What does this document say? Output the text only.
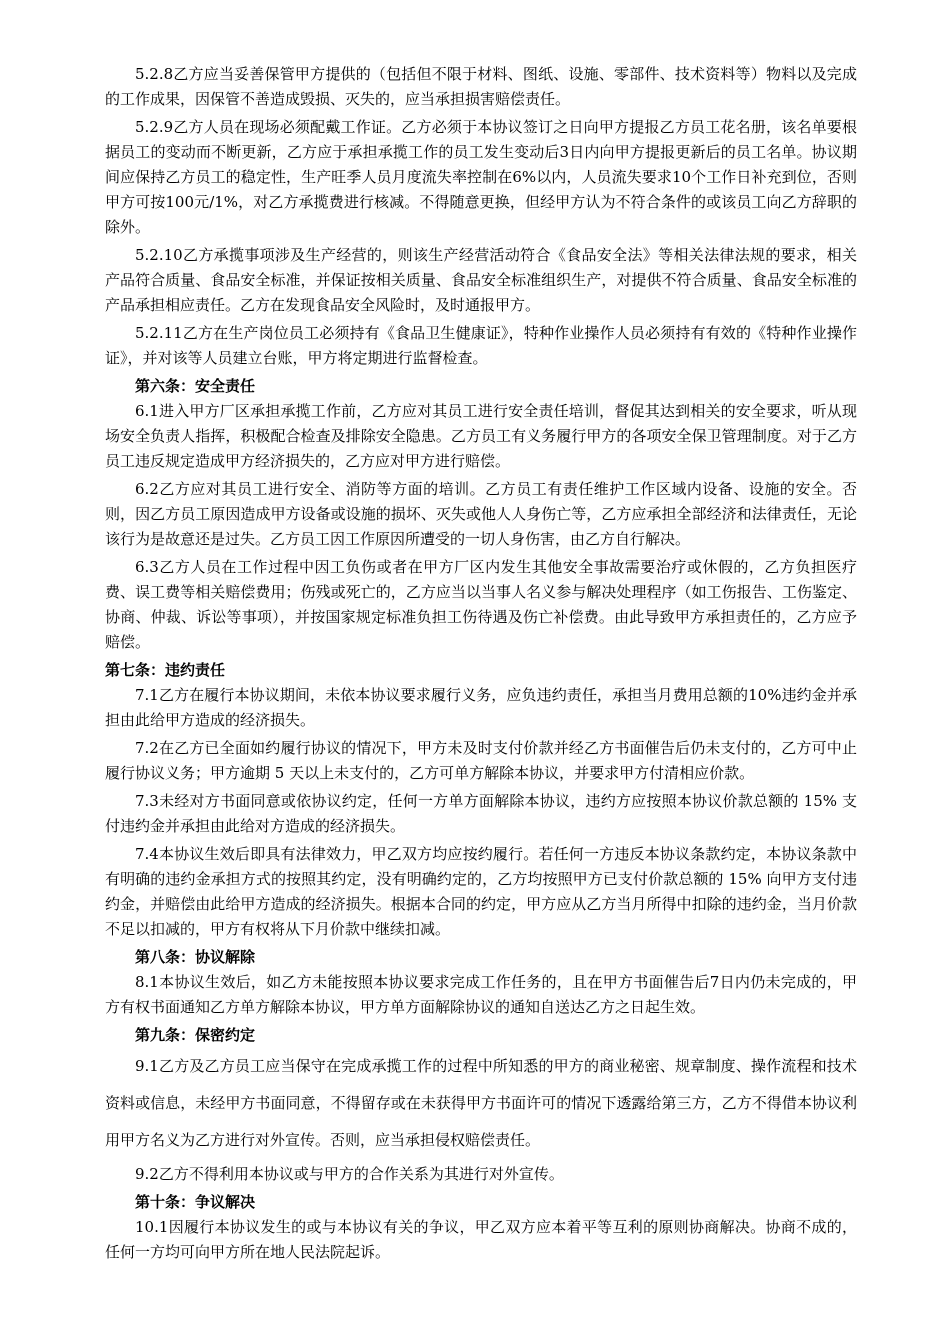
5.2.8乙方应当妥善保管甲方提供的（包括但不限于材料、图纸、设施、零部件、技术资料等）物料以及完成的工作成果，因保管不善造成毁损、灭失的，应当承担损害赔偿责任。

5.2.9乙方人员在现场必须配戴工作证。乙方必须于本协议签订之日向甲方提报乙方员工花名册，该名单要根据员工的变动而不断更新，乙方应于承担承揽工作的员工发生变动后3日内向甲方提报更新后的员工名单。协议期间应保持乙方员工的稳定性，生产旺季人员月度流失率控制在6%以内，人员流失要求10个工作日补充到位，否则甲方可按100元/1%，对乙方承揽费进行核减。不得随意更换，但经甲方认为不符合条件的或该员工向乙方辞职的除外。

5.2.10乙方承揽事项涉及生产经营的，则该生产经营活动符合《食品安全法》等相关法律法规的要求，相关产品符合质量、食品安全标准，并保证按相关质量、食品安全标准组织生产，对提供不符合质量、食品安全标准的产品承担相应责任。乙方在发现食品安全风险时，及时通报甲方。

5.2.11乙方在生产岗位员工必须持有《食品卫生健康证》，特种作业操作人员必须持有有效的《特种作业操作证》，并对该等人员建立台账，甲方将定期进行监督检查。

第六条：安全责任

6.1进入甲方厂区承担承揽工作前，乙方应对其员工进行安全责任培训，督促其达到相关的安全要求，听从现场安全负责人指挥，积极配合检查及排除安全隐患。乙方员工有义务履行甲方的各项安全保卫管理制度。对于乙方员工违反规定造成甲方经济损失的，乙方应对甲方进行赔偿。

6.2乙方应对其员工进行安全、消防等方面的培训。乙方员工有责任维护工作区域内设备、设施的安全。否则，因乙方员工原因造成甲方设备或设施的损坏、灭失或他人人身伤亡等，乙方应承担全部经济和法律责任，无论该行为是故意还是过失。乙方员工因工作原因所遭受的一切人身伤害，由乙方自行解决。

6.3乙方人员在工作过程中因工负伤或者在甲方厂区内发生其他安全事故需要治疗或休假的，乙方负担医疗费、误工费等相关赔偿费用；伤残或死亡的，乙方应当以当事人名义参与解决处理程序（如工伤报告、工伤鉴定、协商、仲裁、诉讼等事项），并按国家规定标准负担工伤待遇及伤亡补偿费。由此导致甲方承担责任的，乙方应予赔偿。

第七条：违约责任

7.1乙方在履行本协议期间，未依本协议要求履行义务，应负违约责任，承担当月费用总额的10%违约金并承担由此给甲方造成的经济损失。

7.2在乙方已全面如约履行协议的情况下，甲方未及时支付价款并经乙方书面催告后仍未支付的，乙方可中止履行协议义务；甲方逾期 5 天以上未支付的，乙方可单方解除本协议，并要求甲方付清相应价款。

7.3未经对方书面同意或依协议约定，任何一方单方面解除本协议，违约方应按照本协议价款总额的 15% 支付违约金并承担由此给对方造成的经济损失。

7.4本协议生效后即具有法律效力，甲乙双方均应按约履行。若任何一方违反本协议条款约定，本协议条款中有明确的违约金承担方式的按照其约定，没有明确约定的，乙方均按照甲方已支付价款总额的 15% 向甲方支付违约金，并赔偿由此给甲方造成的经济损失。根据本合同的约定，甲方应从乙方当月所得中扣除的违约金，当月价款不足以扣减的，甲方有权将从下月价款中继续扣减。

第八条：协议解除

8.1本协议生效后，如乙方未能按照本协议要求完成工作任务的，且在甲方书面催告后7日内仍未完成的，甲方有权书面通知乙方单方解除本协议，甲方单方面解除协议的通知自送达乙方之日起生效。

第九条：保密约定

9.1乙方及乙方员工应当保守在完成承揽工作的过程中所知悉的甲方的商业秘密、规章制度、操作流程和技术资料或信息，未经甲方书面同意，不得留存或在未获得甲方书面许可的情况下透露给第三方，乙方不得借本协议利用甲方名义为乙方进行对外宣传。否则，应当承担侵权赔偿责任。

9.2乙方不得利用本协议或与甲方的合作关系为其进行对外宣传。

第十条：争议解决

10.1因履行本协议发生的或与本协议有关的争议，甲乙双方应本着平等互利的原则协商解决。协商不成的，任何一方均可向甲方所在地人民法院起诉。
